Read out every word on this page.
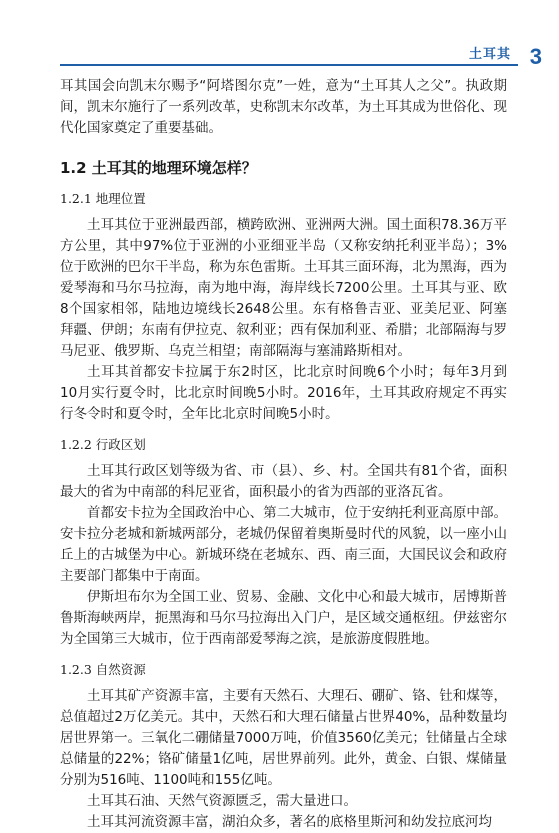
土耳其 3

耳其国会向凯末尔赐予“阿塔图尔克”一姓，意为“土耳其人之父”。执政期间，凯末尔施行了一系列改革，史称凯末尔改革，为土耳其成为世俗化、现代化国家奠定了重要基础。

1.2 土耳其的地理环境怎样？
1.2.1 地理位置

土耳其位于亚洲最西部，横跨欧洲、亚洲两大洲。国土面积78.36万平方公里，其中97%位于亚洲的小亚细亚半岛（又称安纳托利亚半岛）；3%位于欧洲的巴尔干半岛，称为东色雷斯。土耳其三面环海，北为黑海，西为爱琴海和马尔马拉海，南为地中海，海岸线长7200公里。土耳其与亚、欧8个国家相邻，陆地边境线长2648公里。东有格鲁吉亚、亚美尼亚、阿塞拜疆、伊朗；东南有伊拉克、叙利亚；西有保加利亚、希腊；北部隔海与罗马尼亚、俄罗斯、乌克兰相望；南部隔海与塞浦路斯相对。

土耳其首都安卡拉属于东2时区，比北京时间晚6个小时；每年3月到10月实行夏令时，比北京时间晚5小时。2016年，土耳其政府规定不再实行冬令时和夏令时，全年比北京时间晚5小时。

1.2.2 行政区划

土耳其行政区划等级为省、市（县）、乡、村。全国共有81个省，面积最大的省为中南部的科尼亚省，面积最小的省为西部的亚洛瓦省。

首都安卡拉为全国政治中心、第二大城市，位于安纳托利亚高原中部。安卡拉分老城和新城两部分，老城仍保留着奥斯曼时代的风貌，以一座小山丘上的古城堡为中心。新城环绕在老城东、西、南三面，大国民议会和政府主要部门都集中于南面。

伊斯坦布尔为全国工业、贸易、金融、文化中心和最大城市，居博斯普鲁斯海峡两岸，扼黑海和马尔马拉海出入门户，是区域交通枢纽。伊兹密尔为全国第三大城市，位于西南部爱琴海之滨，是旅游度假胜地。

1.2.3 自然资源

土耳其矿产资源丰富，主要有天然石、大理石、硼矿、铬、钍和煤等，总值超过2万亿美元。其中，天然石和大理石储量占世界40%，品种数量均居世界第一。三氧化二硼储量7000万吨，价值3560亿美元；钍储量占全球总储量的22%；铬矿储量1亿吨，居世界前列。此外，黄金、白银、煤储量分别为516吨、1100吨和155亿吨。

土耳其石油、天然气资源匮乏，需大量进口。

土耳其河流资源丰富，湖泊众多，著名的底格里斯河和幼发拉底河均
